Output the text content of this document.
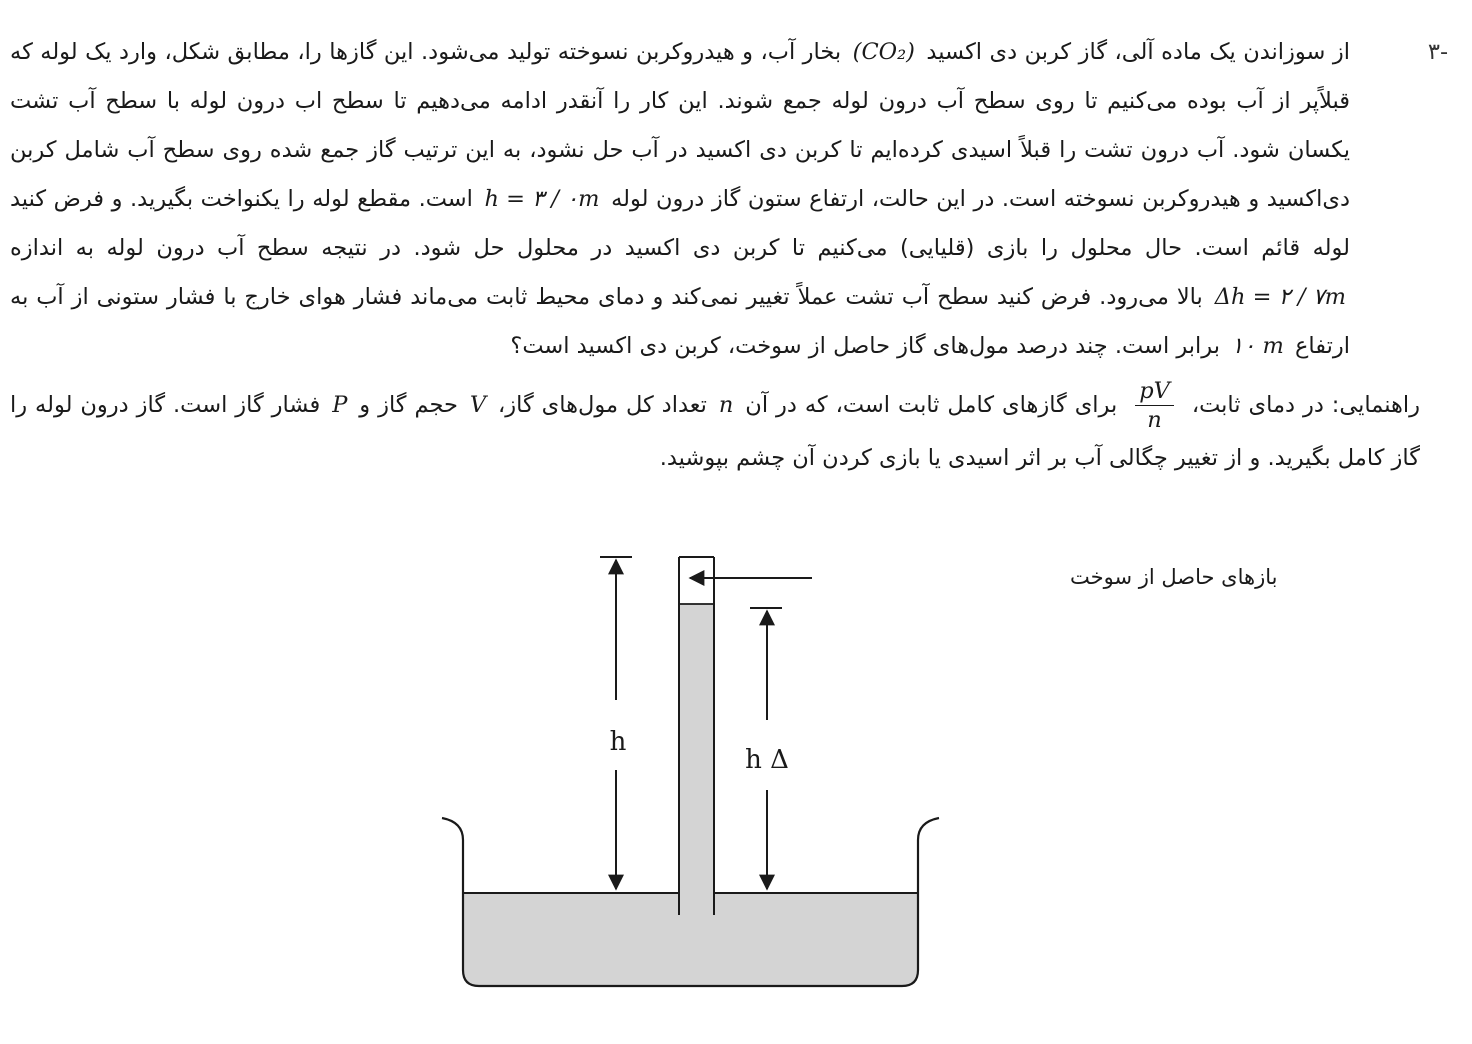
-۳

از سوزاندن یک ماده آلی، گاز کربن دی اکسید (CO₂) بخار آب، و هیدروکربن نسوخته تولید می‌شود. این گازها را، مطابق شکل، وارد یک لوله که قبلاًپر از آب بوده می‌کنیم تا روی سطح آب درون لوله جمع شوند. این کار را آنقدر ادامه می‌دهیم تا سطح اب درون لوله با سطح آب تشت یکسان شود. آب درون تشت را قبلاً اسیدی کرده‌ایم تا کربن دی اکسید در آب حل نشود، به این ترتیب گاز جمع شده روی سطح آب شامل کربن دی‌اکسید و هیدروکربن نسوخته است. در این حالت، ارتفاع ستون گاز درون لوله h = ۳ / ۰m است. مقطع لوله را یکنواخت بگیرید. و فرض کنید لوله قائم است. حال محلول را بازی (قلیایی) می‌کنیم تا کربن دی اکسید در محلول حل شود. در نتیجه سطح آب درون لوله به اندازه Δh = ۲ / ۷m بالا می‌رود. فرض کنید سطح آب تشت عملاً تغییر نمی‌کند و دمای محیط ثابت می‌ماند فشار هوای خارج با فشار ستونی از آب به ارتفاع ۱۰ m برابر است. چند درصد مول‌های گاز حاصل از سوخت، کربن دی اکسید است؟

راهنمایی: در دمای ثابت،
$\frac{pV}{n}$
برای گازهای کامل ثابت است، که در آن n تعداد کل مول‌های گاز، V حجم گاز و P فشار گاز است. گاز درون لوله را گاز کامل بگیرید. و از تغییر چگالی آب بر اثر اسیدی یا بازی کردن آن چشم بپوشید.

بازهای حاصل از سوخت
h
h Δ
